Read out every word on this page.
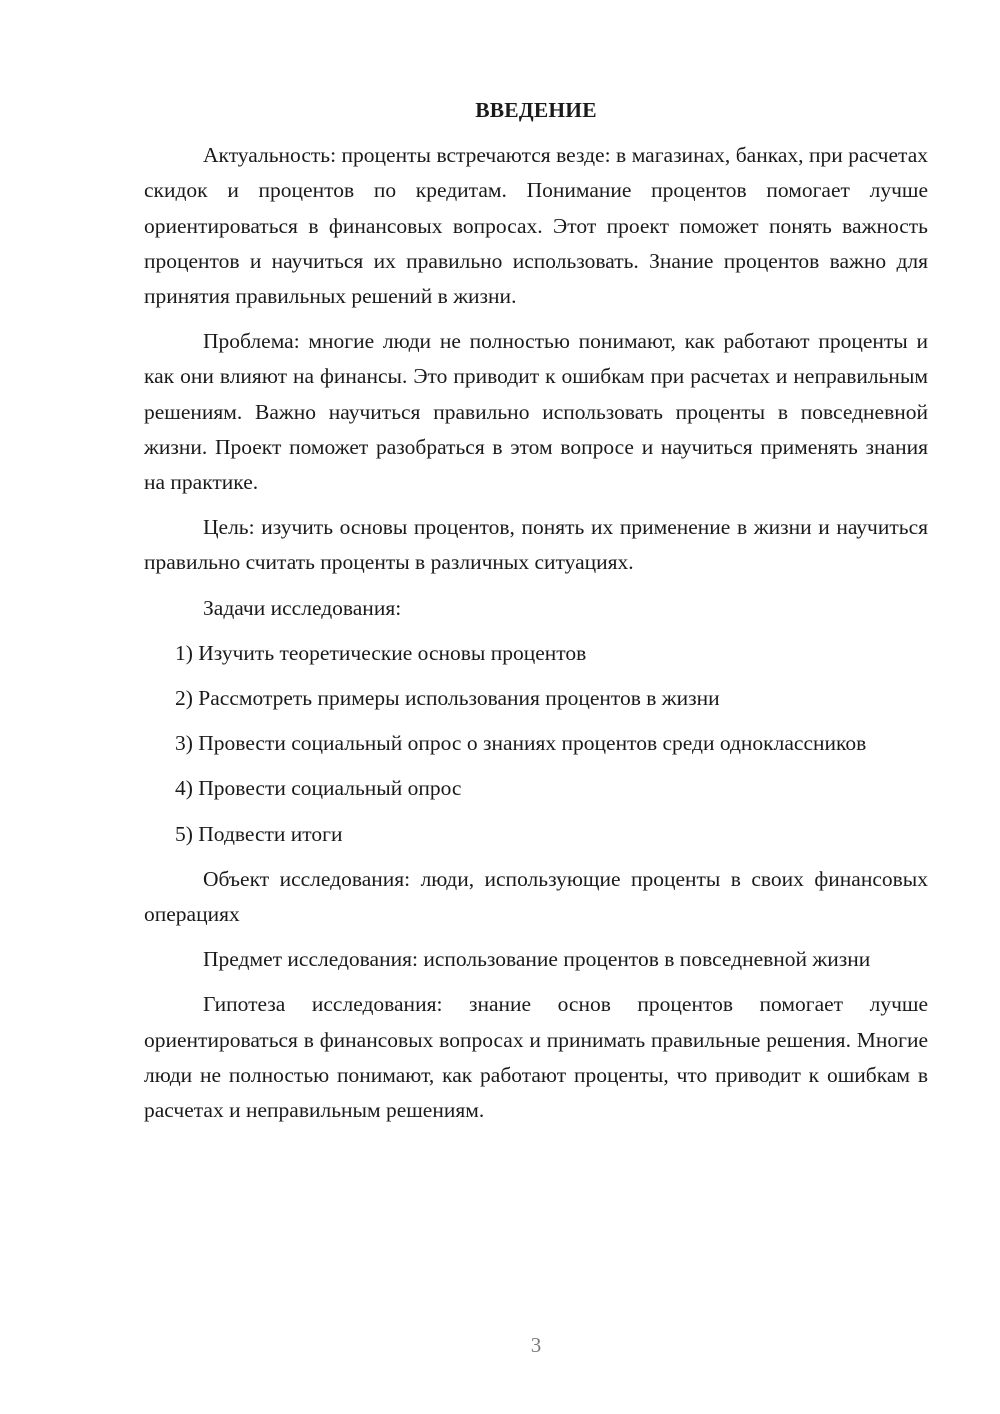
ВВЕДЕНИЕ
Актуальность: проценты встречаются везде: в магазинах, банках, при расчетах скидок и процентов по кредитам. Понимание процентов помогает лучше ориентироваться в финансовых вопросах. Этот проект поможет понять важность процентов и научиться их правильно использовать. Знание процентов важно для принятия правильных решений в жизни.
Проблема: многие люди не полностью понимают, как работают проценты и как они влияют на финансы. Это приводит к ошибкам при расчетах и неправильным решениям. Важно научиться правильно использовать проценты в повседневной жизни. Проект поможет разобраться в этом вопросе и научиться применять знания на практике.
Цель: изучить основы процентов, понять их применение в жизни и научиться правильно считать проценты в различных ситуациях.
Задачи исследования:
1) Изучить теоретические основы процентов
2) Рассмотреть примеры использования процентов в жизни
3) Провести социальный опрос о знаниях процентов среди одноклассников
4) Провести социальный опрос
5) Подвести итоги
Объект исследования: люди, использующие проценты в своих финансовых операциях
Предмет исследования: использование процентов в повседневной жизни
Гипотеза исследования: знание основ процентов помогает лучше ориентироваться в финансовых вопросах и принимать правильные решения. Многие люди не полностью понимают, как работают проценты, что приводит к ошибкам в расчетах и неправильным решениям.
3
